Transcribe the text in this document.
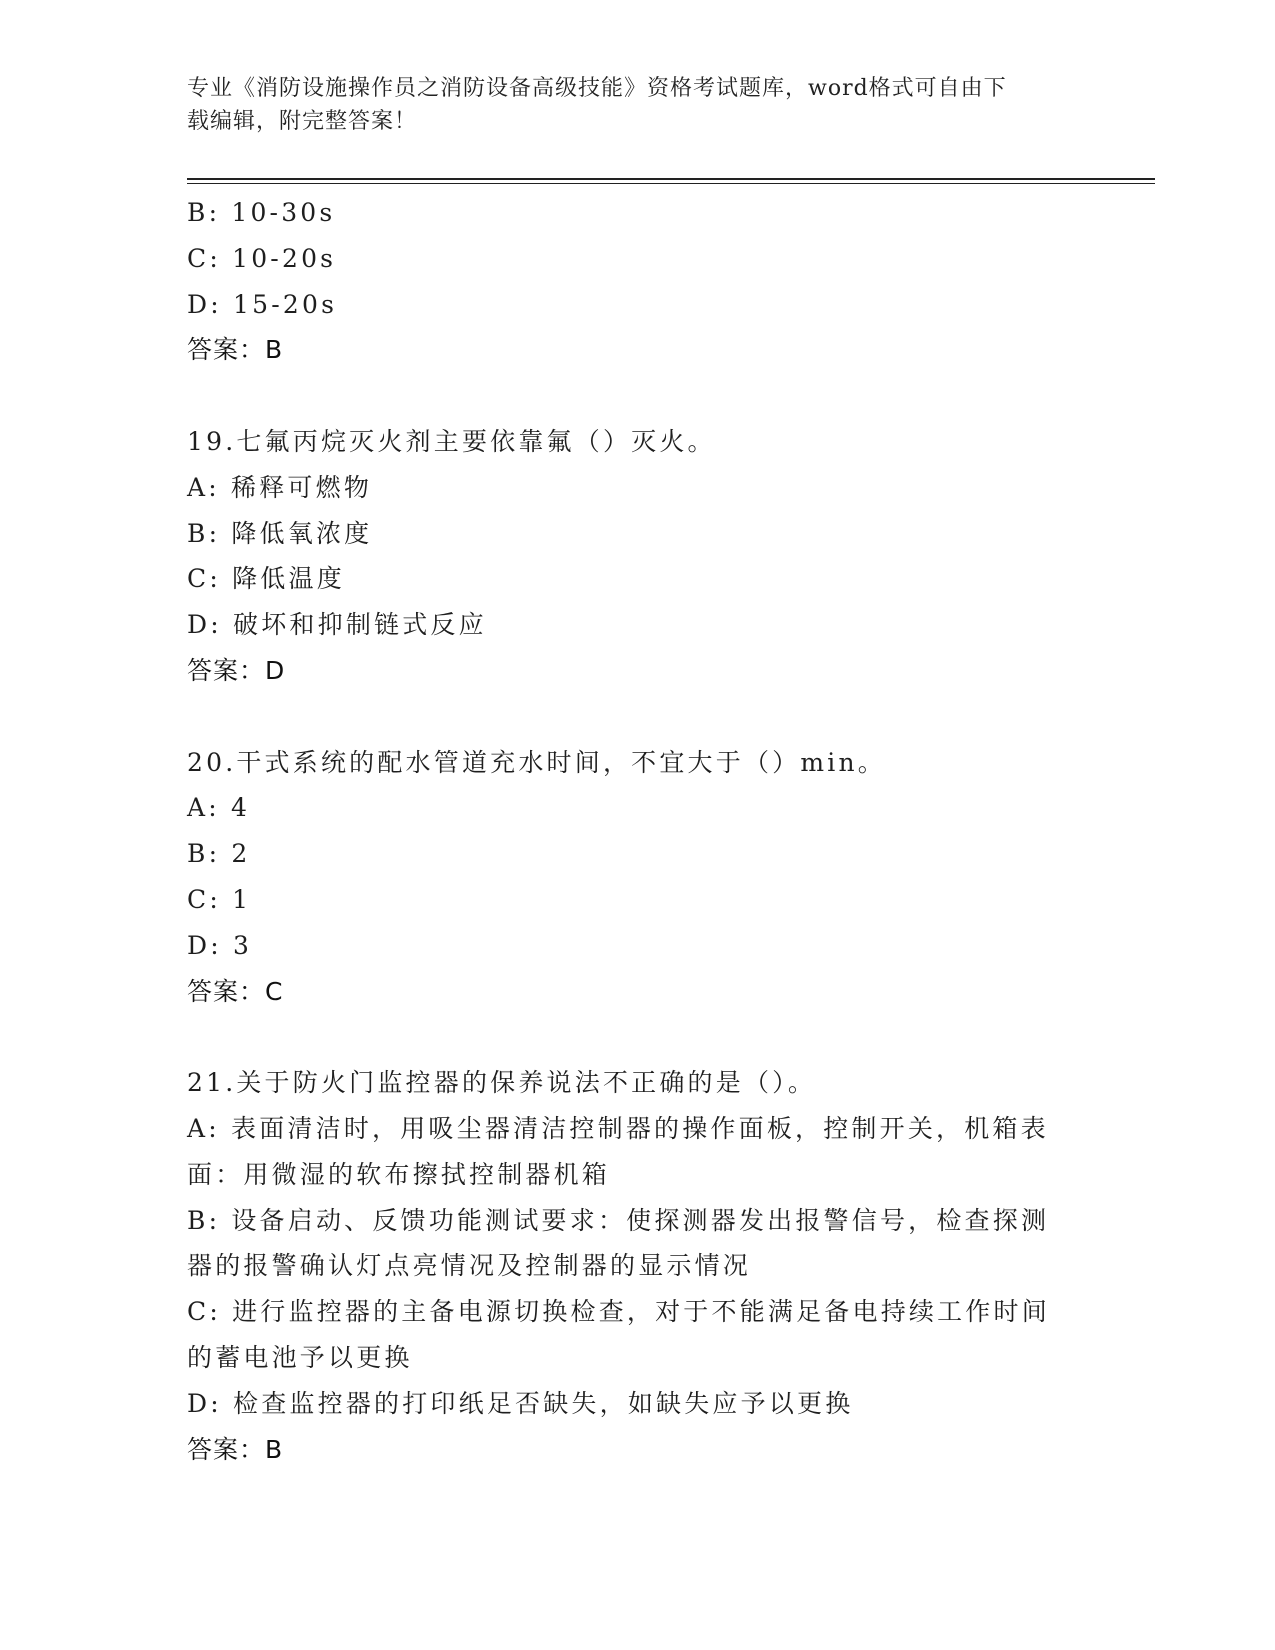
专业《消防设施操作员之消防设备高级技能》资格考试题库，word格式可自由下
载编辑，附完整答案！
B: 10-30s
C: 10-20s
D: 15-20s
答案：B
19.七氟丙烷灭火剂主要依靠氟（）灭火。
A: 稀释可燃物
B: 降低氧浓度
C: 降低温度
D: 破坏和抑制链式反应
答案：D
20.干式系统的配水管道充水时间，不宜大于（）min。
A: 4
B: 2
C: 1
D: 3
答案：C
21.关于防火门监控器的保养说法不正确的是（）。
A: 表面清洁时，用吸尘器清洁控制器的操作面板，控制开关，机箱表
面：用微湿的软布擦拭控制器机箱
B: 设备启动、反馈功能测试要求：使探测器发出报警信号，检查探测
器的报警确认灯点亮情况及控制器的显示情况
C: 进行监控器的主备电源切换检查，对于不能满足备电持续工作时间
的蓄电池予以更换
D: 检查监控器的打印纸足否缺失，如缺失应予以更换
答案：B
